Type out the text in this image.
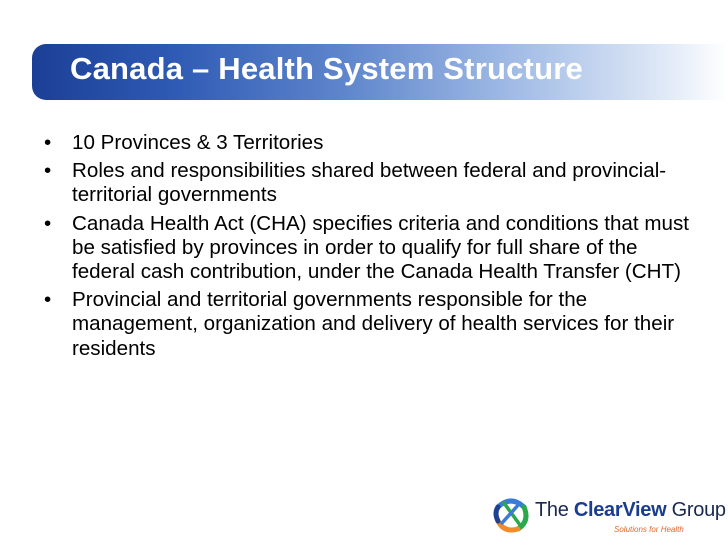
Canada – Health System Structure
• 10 Provinces & 3 Territories
• Roles and responsibilities shared between federal and provincial-territorial governments
• Canada Health Act (CHA) specifies criteria and conditions that must be satisfied by provinces in order to qualify for full share of the federal cash contribution, under the Canada Health Transfer (CHT)
• Provincial and territorial governments responsible for the management, organization and delivery of health services for their residents
The ClearView Group
Solutions for Health
